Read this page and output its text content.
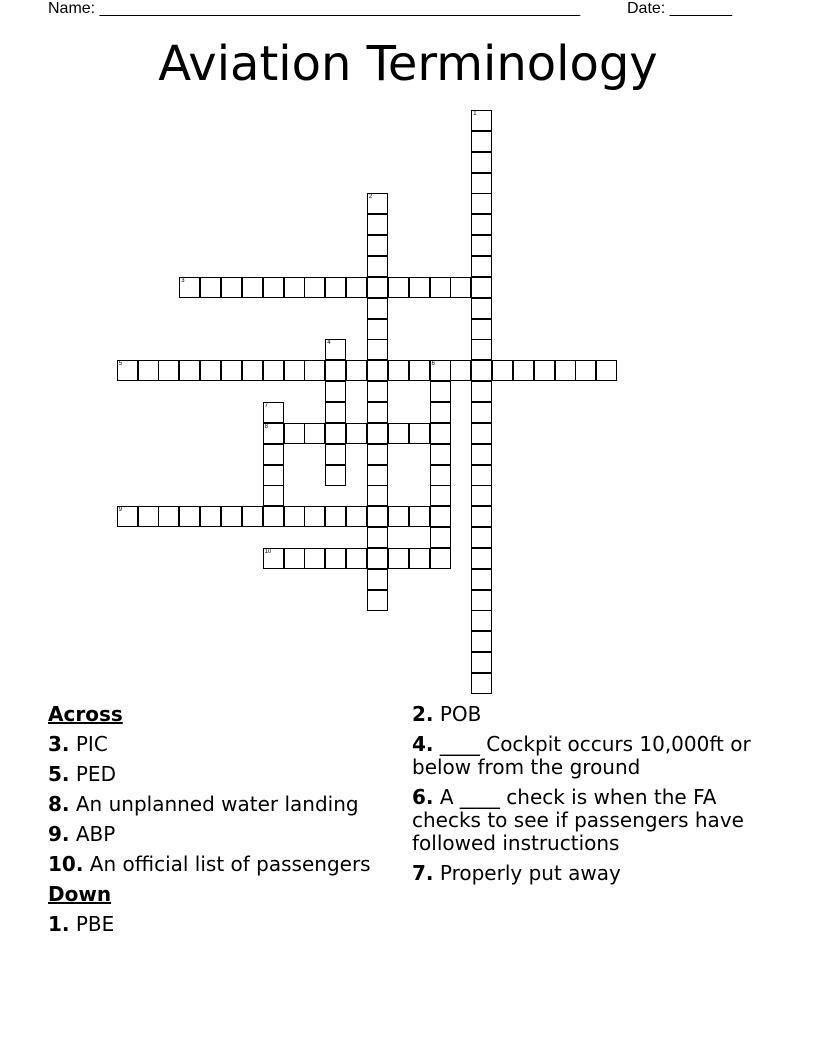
Name: ______________________________________________________	Date: _______
Aviation Terminology
1
2
3
4
5	6
7
8
9
10
Across
3. PIC
5. PED
8. An unplanned water landing
9. ABP
10. An official list of passengers
Down
1. PBE
2. POB
4. ____ Cockpit occurs 10,000ft or below from the ground
6. A ____ check is when the FA checks to see if passengers have followed instructions
7. Properly put away
